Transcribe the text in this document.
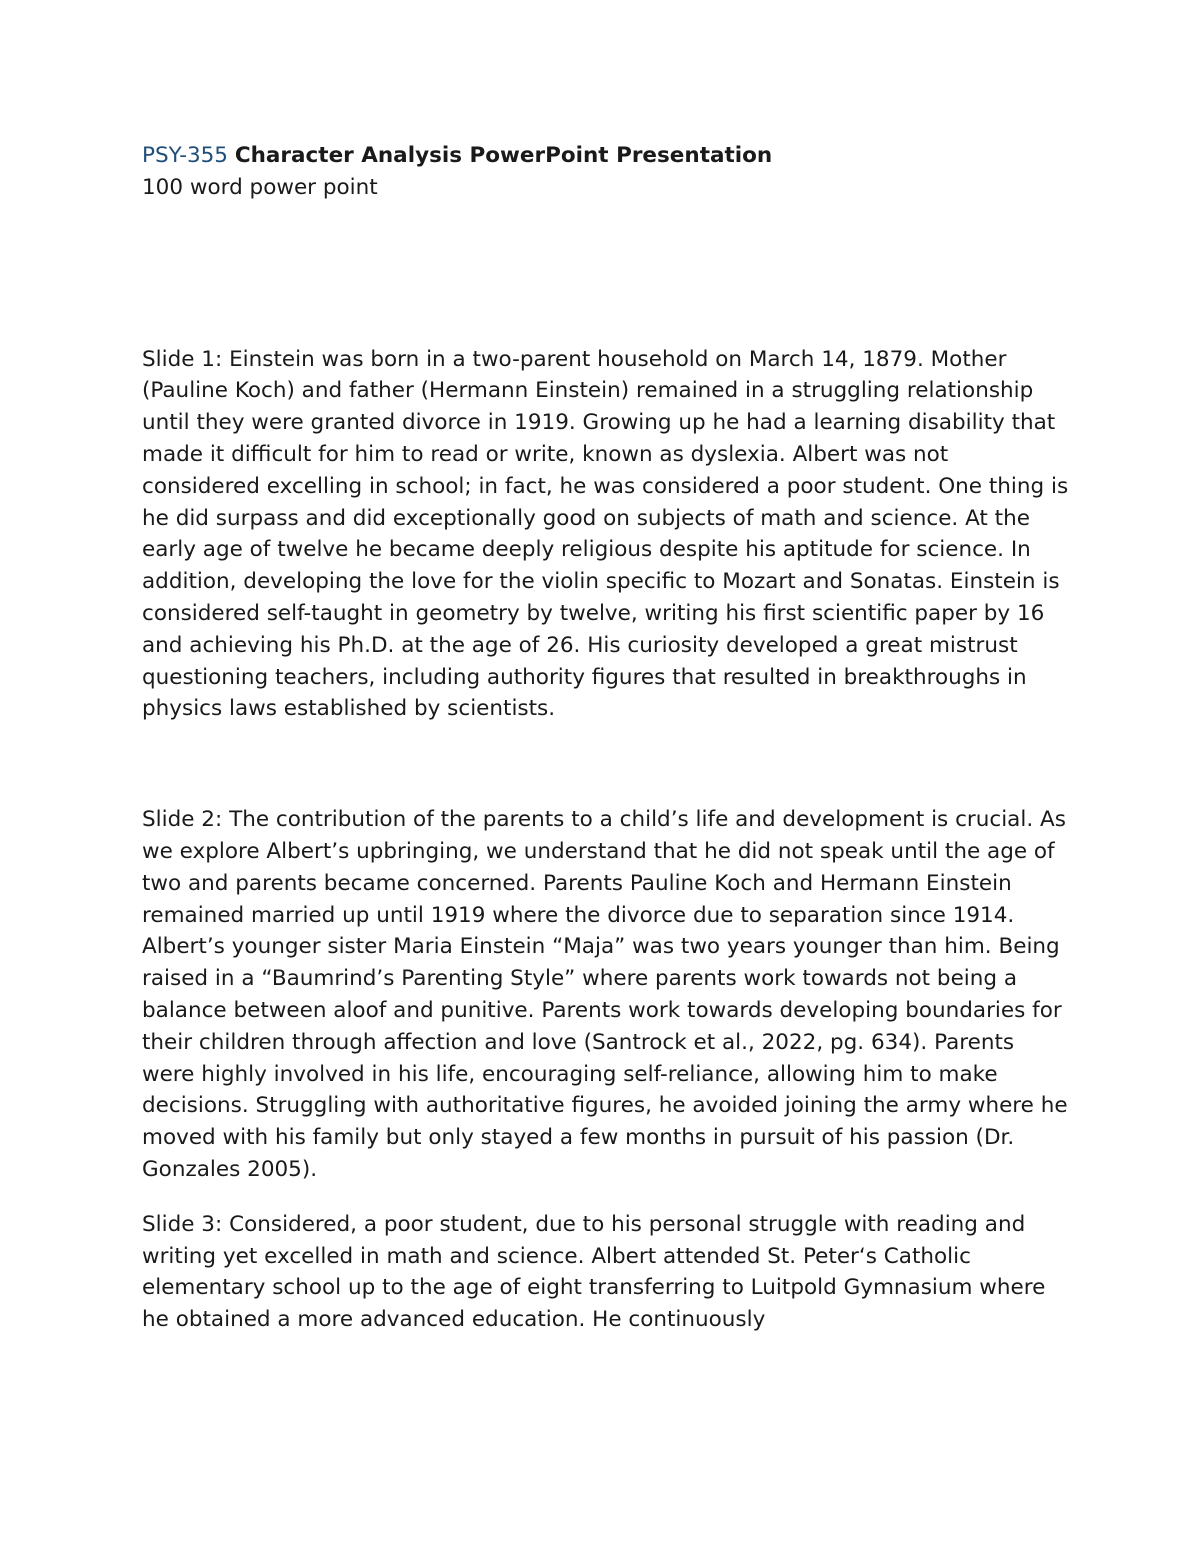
PSY-355 Character Analysis PowerPoint Presentation

100 word power point

Slide 1: Einstein was born in a two-parent household on March 14, 1879. Mother (Pauline Koch) and father (Hermann Einstein) remained in a struggling relationship until they were granted divorce in 1919. Growing up he had a learning disability that made it difficult for him to read or write, known as dyslexia. Albert was not considered excelling in school; in fact, he was considered a poor student. One thing is he did surpass and did exceptionally good on subjects of math and science. At the early age of twelve he became deeply religious despite his aptitude for science. In addition, developing the love for the violin specific to Mozart and Sonatas. Einstein is considered self-taught in geometry by twelve, writing his first scientific paper by 16 and achieving his Ph.D. at the age of 26. His curiosity developed a great mistrust questioning teachers, including authority figures that resulted in breakthroughs in physics laws established by scientists.

Slide 2: The contribution of the parents to a child’s life and development is crucial. As we explore Albert’s upbringing, we understand that he did not speak until the age of two and parents became concerned. Parents Pauline Koch and Hermann Einstein remained married up until 1919 where the divorce due to separation since 1914. Albert’s younger sister Maria Einstein “Maja” was two years younger than him. Being raised in a “Baumrind’s Parenting Style” where parents work towards not being a balance between aloof and punitive. Parents work towards developing boundaries for their children through affection and love (Santrock et al., 2022, pg. 634). Parents were highly involved in his life, encouraging self-reliance, allowing him to make decisions. Struggling with authoritative figures, he avoided joining the army where he moved with his family but only stayed a few months in pursuit of his passion (Dr. Gonzales 2005).

Slide 3: Considered, a poor student, due to his personal struggle with reading and writing yet excelled in math and science. Albert attended St. Peter‘s Catholic elementary school up to the age of eight transferring to Luitpold Gymnasium where he obtained a more advanced education. He continuously
